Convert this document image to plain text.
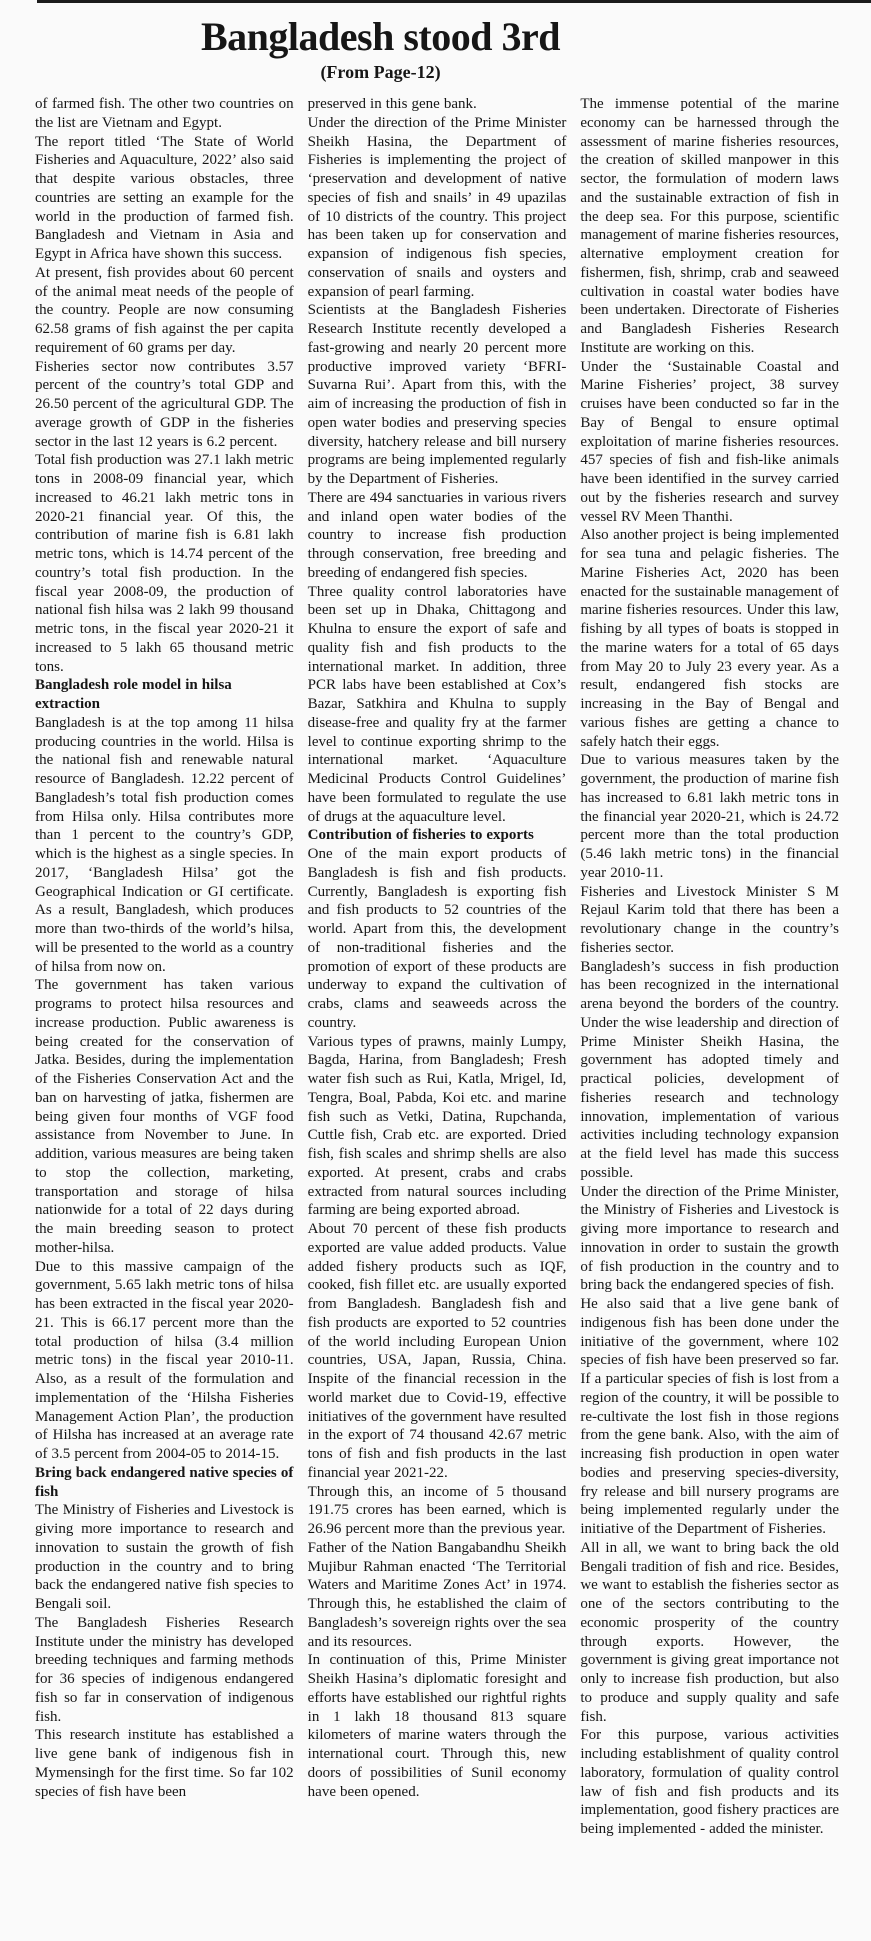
Bangladesh stood 3rd
(From Page-12)
of farmed fish. The other two countries on the list are Vietnam and Egypt.
The report titled ‘The State of World Fisheries and Aquaculture, 2022’ also said that despite various obstacles, three countries are setting an example for the world in the production of farmed fish. Bangladesh and Vietnam in Asia and Egypt in Africa have shown this success.
At present, fish provides about 60 percent of the animal meat needs of the people of the country. People are now consuming 62.58 grams of fish against the per capita requirement of 60 grams per day.
Fisheries sector now contributes 3.57 percent of the country’s total GDP and 26.50 percent of the agricultural GDP. The average growth of GDP in the fisheries sector in the last 12 years is 6.2 percent.
Total fish production was 27.1 lakh metric tons in 2008-09 financial year, which increased to 46.21 lakh metric tons in 2020-21 financial year. Of this, the contribution of marine fish is 6.81 lakh metric tons, which is 14.74 percent of the country’s total fish production. In the fiscal year 2008-09, the production of national fish hilsa was 2 lakh 99 thousand metric tons, in the fiscal year 2020-21 it increased to 5 lakh 65 thousand metric tons.
Bangladesh role model in hilsa extraction
Bangladesh is at the top among 11 hilsa producing countries in the world. Hilsa is the national fish and renewable natural resource of Bangladesh. 12.22 percent of Bangladesh’s total fish production comes from Hilsa only. Hilsa contributes more than 1 percent to the country’s GDP, which is the highest as a single species. In 2017, ‘Bangladesh Hilsa’ got the Geographical Indication or GI certificate. As a result, Bangladesh, which produces more than two-thirds of the world’s hilsa, will be presented to the world as a country of hilsa from now on.
The government has taken various programs to protect hilsa resources and increase production. Public awareness is being created for the conservation of Jatka. Besides, during the implementation of the Fisheries Conservation Act and the ban on harvesting of jatka, fishermen are being given four months of VGF food assistance from November to June. In addition, various measures are being taken to stop the collection, marketing, transportation and storage of hilsa nationwide for a total of 22 days during the main breeding season to protect mother-hilsa.
Due to this massive campaign of the government, 5.65 lakh metric tons of hilsa has been extracted in the fiscal year 2020-21. This is 66.17 percent more than the total production of hilsa (3.4 million metric tons) in the fiscal year 2010-11. Also, as a result of the formulation and implementation of the ‘Hilsha Fisheries Management Action Plan’, the production of Hilsha has increased at an average rate of 3.5 percent from 2004-05 to 2014-15.
Bring back endangered native species of fish
The Ministry of Fisheries and Livestock is giving more importance to research and innovation to sustain the growth of fish production in the country and to bring back the endangered native fish species to Bengali soil.
The Bangladesh Fisheries Research Institute under the ministry has developed breeding techniques and farming methods for 36 species of indigenous endangered fish so far in conservation of indigenous fish.
This research institute has established a live gene bank of indigenous fish in Mymensingh for the first time. So far 102 species of fish have been
preserved in this gene bank.
Under the direction of the Prime Minister Sheikh Hasina, the Department of Fisheries is implementing the project of ‘preservation and development of native species of fish and snails’ in 49 upazilas of 10 districts of the country. This project has been taken up for conservation and expansion of indigenous fish species, conservation of snails and oysters and expansion of pearl farming.
Scientists at the Bangladesh Fisheries Research Institute recently developed a fast-growing and nearly 20 percent more productive improved variety ‘BFRI-Suvarna Rui’. Apart from this, with the aim of increasing the production of fish in open water bodies and preserving species diversity, hatchery release and bill nursery programs are being implemented regularly by the Department of Fisheries.
There are 494 sanctuaries in various rivers and inland open water bodies of the country to increase fish production through conservation, free breeding and breeding of endangered fish species.
Three quality control laboratories have been set up in Dhaka, Chittagong and Khulna to ensure the export of safe and quality fish and fish products to the international market. In addition, three PCR labs have been established at Cox’s Bazar, Satkhira and Khulna to supply disease-free and quality fry at the farmer level to continue exporting shrimp to the international market. ‘Aquaculture Medicinal Products Control Guidelines’ have been formulated to regulate the use of drugs at the aquaculture level.
Contribution of fisheries to exports
One of the main export products of Bangladesh is fish and fish products. Currently, Bangladesh is exporting fish and fish products to 52 countries of the world. Apart from this, the development of non-traditional fisheries and the promotion of export of these products are underway to expand the cultivation of crabs, clams and seaweeds across the country.
Various types of prawns, mainly Lumpy, Bagda, Harina, from Bangladesh; Fresh water fish such as Rui, Katla, Mrigel, Id, Tengra, Boal, Pabda, Koi etc. and marine fish such as Vetki, Datina, Rupchanda, Cuttle fish, Crab etc. are exported. Dried fish, fish scales and shrimp shells are also exported. At present, crabs and crabs extracted from natural sources including farming are being exported abroad.
About 70 percent of these fish products exported are value added products. Value added fishery products such as IQF, cooked, fish fillet etc. are usually exported from Bangladesh. Bangladesh fish and fish products are exported to 52 countries of the world including European Union countries, USA, Japan, Russia, China. Inspite of the financial recession in the world market due to Covid-19, effective initiatives of the government have resulted in the export of 74 thousand 42.67 metric tons of fish and fish products in the last financial year 2021-22.
Through this, an income of 5 thousand 191.75 crores has been earned, which is 26.96 percent more than the previous year.
Father of the Nation Bangabandhu Sheikh Mujibur Rahman enacted ‘The Territorial Waters and Maritime Zones Act’ in 1974. Through this, he established the claim of Bangladesh’s sovereign rights over the sea and its resources.
In continuation of this, Prime Minister Sheikh Hasina’s diplomatic foresight and efforts have established our rightful rights in 1 lakh 18 thousand 813 square kilometers of marine waters through the international court. Through this, new doors of possibilities of Sunil economy have been opened.
The immense potential of the marine economy can be harnessed through the assessment of marine fisheries resources, the creation of skilled manpower in this sector, the formulation of modern laws and the sustainable extraction of fish in the deep sea. For this purpose, scientific management of marine fisheries resources, alternative employment creation for fishermen, fish, shrimp, crab and seaweed cultivation in coastal water bodies have been undertaken. Directorate of Fisheries and Bangladesh Fisheries Research Institute are working on this.
Under the ‘Sustainable Coastal and Marine Fisheries’ project, 38 survey cruises have been conducted so far in the Bay of Bengal to ensure optimal exploitation of marine fisheries resources. 457 species of fish and fish-like animals have been identified in the survey carried out by the fisheries research and survey vessel RV Meen Thanthi.
Also another project is being implemented for sea tuna and pelagic fisheries. The Marine Fisheries Act, 2020 has been enacted for the sustainable management of marine fisheries resources. Under this law, fishing by all types of boats is stopped in the marine waters for a total of 65 days from May 20 to July 23 every year. As a result, endangered fish stocks are increasing in the Bay of Bengal and various fishes are getting a chance to safely hatch their eggs.
Due to various measures taken by the government, the production of marine fish has increased to 6.81 lakh metric tons in the financial year 2020-21, which is 24.72 percent more than the total production (5.46 lakh metric tons) in the financial year 2010-11.
Fisheries and Livestock Minister S M Rejaul Karim told that there has been a revolutionary change in the country’s fisheries sector.
Bangladesh’s success in fish production has been recognized in the international arena beyond the borders of the country. Under the wise leadership and direction of Prime Minister Sheikh Hasina, the government has adopted timely and practical policies, development of fisheries research and technology innovation, implementation of various activities including technology expansion at the field level has made this success possible.
Under the direction of the Prime Minister, the Ministry of Fisheries and Livestock is giving more importance to research and innovation in order to sustain the growth of fish production in the country and to bring back the endangered species of fish.
He also said that a live gene bank of indigenous fish has been done under the initiative of the government, where 102 species of fish have been preserved so far. If a particular species of fish is lost from a region of the country, it will be possible to re-cultivate the lost fish in those regions from the gene bank. Also, with the aim of increasing fish production in open water bodies and preserving species-diversity, fry release and bill nursery programs are being implemented regularly under the initiative of the Department of Fisheries.
All in all, we want to bring back the old Bengali tradition of fish and rice. Besides, we want to establish the fisheries sector as one of the sectors contributing to the economic prosperity of the country through exports. However, the government is giving great importance not only to increase fish production, but also to produce and supply quality and safe fish.
For this purpose, various activities including establishment of quality control laboratory, formulation of quality control law of fish and fish products and its implementation, good fishery practices are being implemented - added the minister.
